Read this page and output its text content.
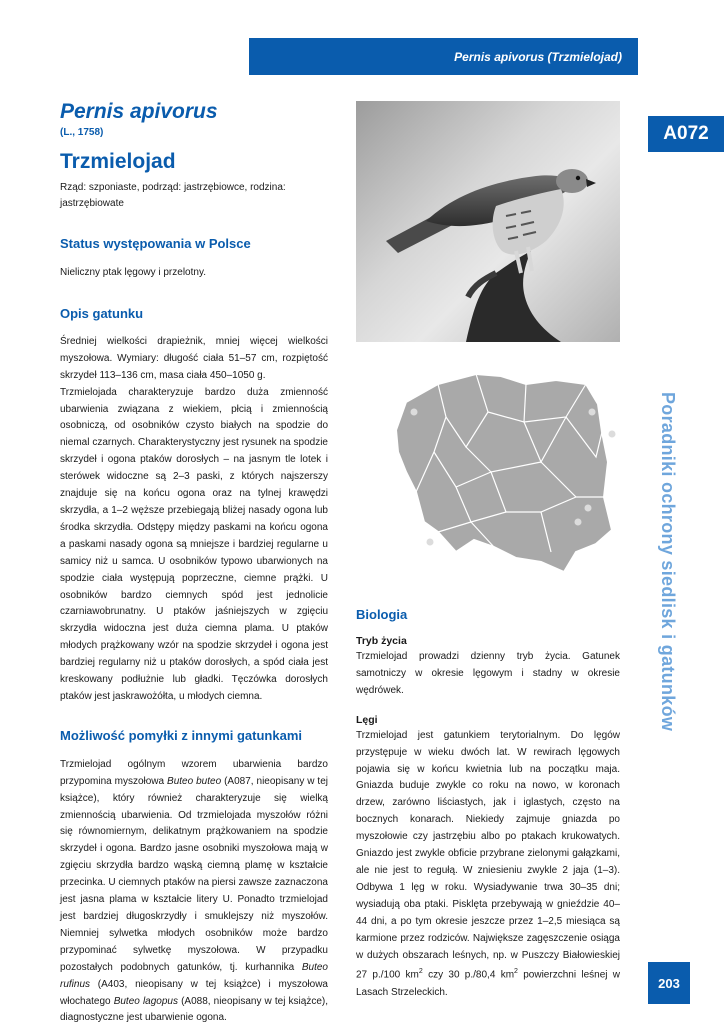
Pernis apivorus (Trzmielojad)
A072
Poradniki ochrony siedlisk i gatunków
203
Pernis apivorus
(L., 1758)
Trzmielojad

Rząd: szponiaste, podrząd: jastrzębiowce, rodzina: jastrzębiowate

Status występowania w Polsce

Nieliczny ptak lęgowy i przelotny.

Opis gatunku

Średniej wielkości drapieżnik, mniej więcej wielkości myszołowa. Wymiary: długość ciała 51–57 cm, rozpiętość skrzydeł 113–136 cm, masa ciała 450–1050 g.

Trzmielojada charakteryzuje bardzo duża zmienność ubarwienia związana z wiekiem, płcią i zmiennością osobniczą, od osobników czysto białych na spodzie do niemal czarnych. Charakterystyczny jest rysunek na spodzie skrzydeł i ogona ptaków dorosłych – na jasnym tle lotek i sterówek widoczne są 2–3 paski, z których najszerszy znajduje się na końcu ogona oraz na tylnej krawędzi skrzydła, a 1–2 węższe przebiegają bliżej nasady ogona lub środka skrzydła. Odstępy między paskami na końcu ogona a paskami nasady ogona są mniejsze i bardziej regularne u samicy niż u samca. U osobników typowo ubarwionych na spodzie ciała występują poprzeczne, ciemne prążki. U osobników bardzo ciemnych spód jest jednolicie czarniawobrunatny. U ptaków jaśniejszych w zgięciu skrzydła widoczna jest duża ciemna plama. U ptaków młodych prążkowany wzór na spodzie skrzydeł i ogona jest bardziej regularny niż u ptaków dorosłych, a spód ciała jest kreskowany podłużnie lub gładki. Tęczówka dorosłych ptaków jest jaskrawożółta, u młodych ciemna.

Możliwość pomyłki z innymi gatunkami

Trzmielojad ogólnym wzorem ubarwienia bardzo przypomina myszołowa Buteo buteo (A087, nieopisany w tej książce), który również charakteryzuje się wielką zmiennością ubarwienia. Od trzmielojada myszołów różni się równomiernym, delikatnym prążkowaniem na spodzie skrzydeł i ogona. Bardzo jasne osobniki myszołowa mają w zgięciu skrzydła bardzo wąską ciemną plamę w kształcie przecinka. U ciemnych ptaków na piersi zawsze zaznaczona jest jasna plama w kształcie litery U. Ponadto trzmielojad jest bardziej długoskrzydły i smuklejszy niż myszołów. Niemniej sylwetka młodych osobników może bardzo przypominać sylwetkę myszołowa. W przypadku pozostałych podobnych gatunków, tj. kurhannika Buteo rufinus (A403, nieopisany w tej książce) i myszołowa włochatego Buteo lagopus (A088, nieopisany w tej książce), diagnostyczne jest ubarwienie ogona.

Biologia
Tryb życia

Trzmielojad prowadzi dzienny tryb życia. Gatunek samotniczy w okresie lęgowym i stadny w okresie wędrówek.

Lęgi

Trzmielojad jest gatunkiem terytorialnym. Do lęgów przystępuje w wieku dwóch lat. W rewirach lęgowych pojawia się w końcu kwietnia lub na początku maja. Gniazda buduje zwykle co roku na nowo, w koronach drzew, zarówno liściastych, jak i iglastych, często na bocznych konarach. Niekiedy zajmuje gniazda po myszołowie czy jastrzębiu albo po ptakach krukowatych. Gniazdo jest zwykle obficie przybrane zielonymi gałązkami, ale nie jest to regułą. W zniesieniu zwykle 2 jaja (1–3). Odbywa 1 lęg w roku. Wysiadywanie trwa 30–35 dni; wysiadują oba ptaki. Pisklęta przebywają w gnieździe 40–44 dni, a po tym okresie jeszcze przez 1–2,5 miesiąca są karmione przez rodziców. Największe zagęszczenie osiąga w dużych obszarach leśnych, np. w Puszczy Białowieskiej 27 p./100 $km^2$ czy 30 p./80,4 $km^2$ powierzchni leśnej w Lasach Strzeleckich.
